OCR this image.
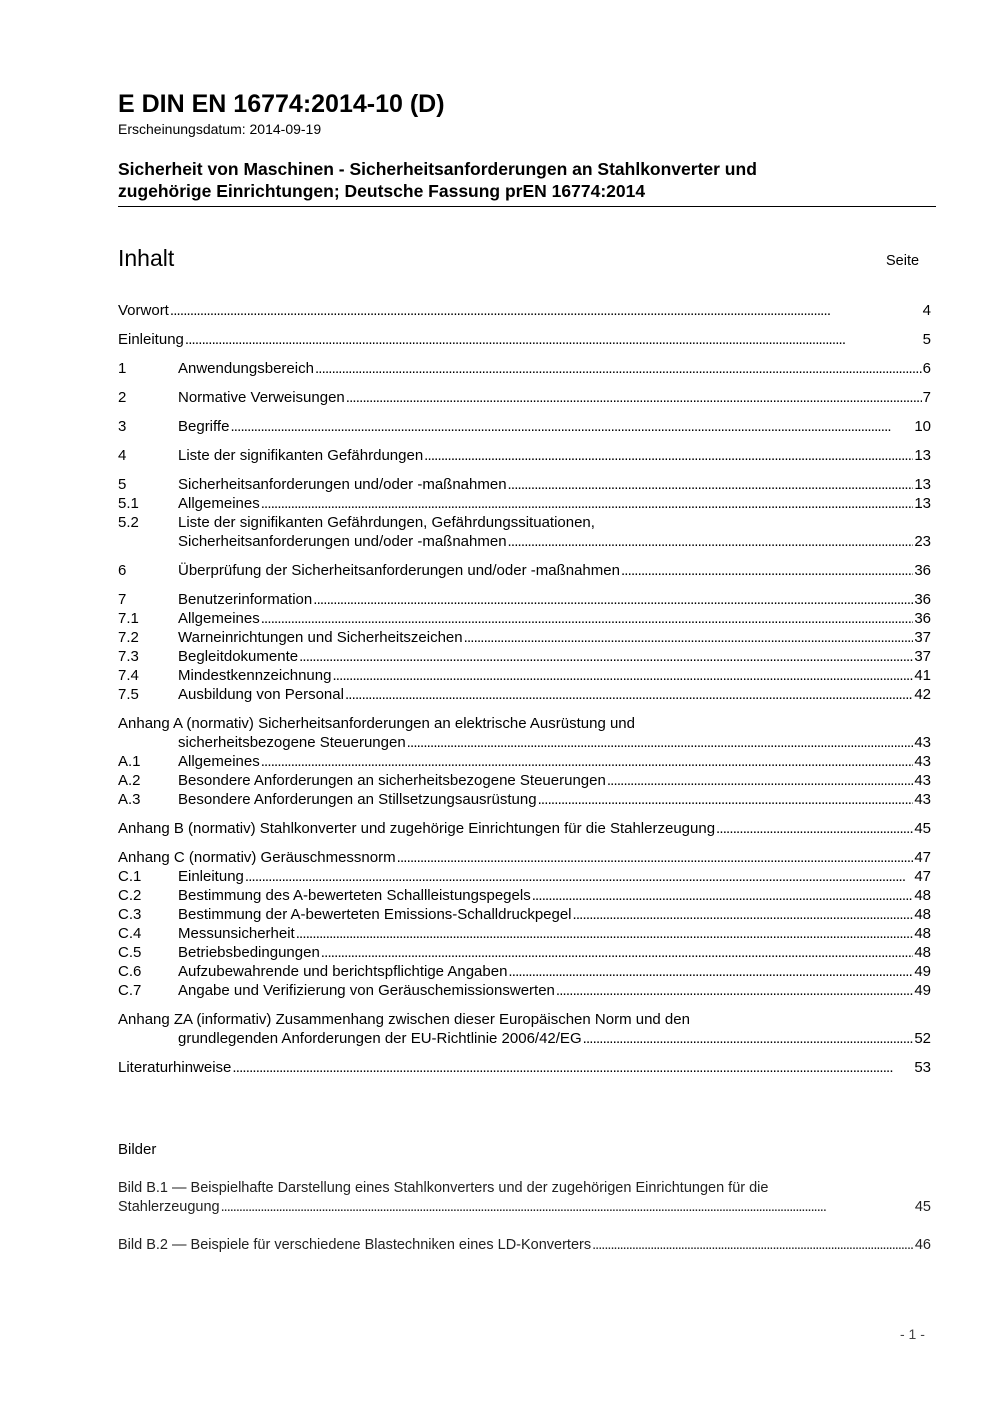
E DIN EN 16774:2014-10 (D)
Erscheinungsdatum: 2014-09-19
Sicherheit von Maschinen - Sicherheitsanforderungen an Stahlkonverter und
zugehörige Einrichtungen; Deutsche Fassung prEN 16774:2014
Inhalt	Seite
Vorwort . . .	4
Einleitung . . .	5
1	Anwendungsbereich . . .	6
2	Normative Verweisungen . . .	7
3	Begriffe . . .	10
4	Liste der signifikanten Gefährdungen . . .	13
5	Sicherheitsanforderungen und/oder -maßnahmen . . .	13
5.1	Allgemeines . . .	13
5.2	Liste der signifikanten Gefährdungen, Gefährdungssituationen,
Sicherheitsanforderungen und/oder -maßnahmen . . .	23
6	Überprüfung der Sicherheitsanforderungen und/oder -maßnahmen . . .	36
7	Benutzerinformation . . .	36
7.1	Allgemeines . . .	36
7.2	Warneinrichtungen und Sicherheitszeichen . . .	37
7.3	Begleitdokumente . . .	37
7.4	Mindestkennzeichnung . . .	41
7.5	Ausbildung von Personal . . .	42
Anhang A (normativ) Sicherheitsanforderungen an elektrische Ausrüstung und
sicherheitsbezogene Steuerungen . . .	43
A.1	Allgemeines . . .	43
A.2	Besondere Anforderungen an sicherheitsbezogene Steuerungen . . .	43
A.3	Besondere Anforderungen an Stillsetzungsausrüstung . . .	43
Anhang B (normativ) Stahlkonverter und zugehörige Einrichtungen für die Stahlerzeugung . . .	45
Anhang C (normativ) Geräuschmessnorm . . .	47
C.1	Einleitung . . .	47
C.2	Bestimmung des A-bewerteten Schallleistungspegels . . .	48
C.3	Bestimmung der A-bewerteten Emissions-Schalldruckpegel . . .	48
C.4	Messunsicherheit . . .	48
C.5	Betriebsbedingungen . . .	48
C.6	Aufzubewahrende und berichtspflichtige Angaben . . .	49
C.7	Angabe und Verifizierung von Geräuschemissionswerten . . .	49
Anhang ZA (informativ) Zusammenhang zwischen dieser Europäischen Norm und den
grundlegenden Anforderungen der EU-Richtlinie 2006/42/EG . . .	52
Literaturhinweise . . .	53
Bilder
Bild B.1 — Beispielhafte Darstellung eines Stahlkonverters und der zugehörigen Einrichtungen für die
Stahlerzeugung . . .	45
Bild B.2 — Beispiele für verschiedene Blastechniken eines LD-Konverters . . .	46
- 1 -
